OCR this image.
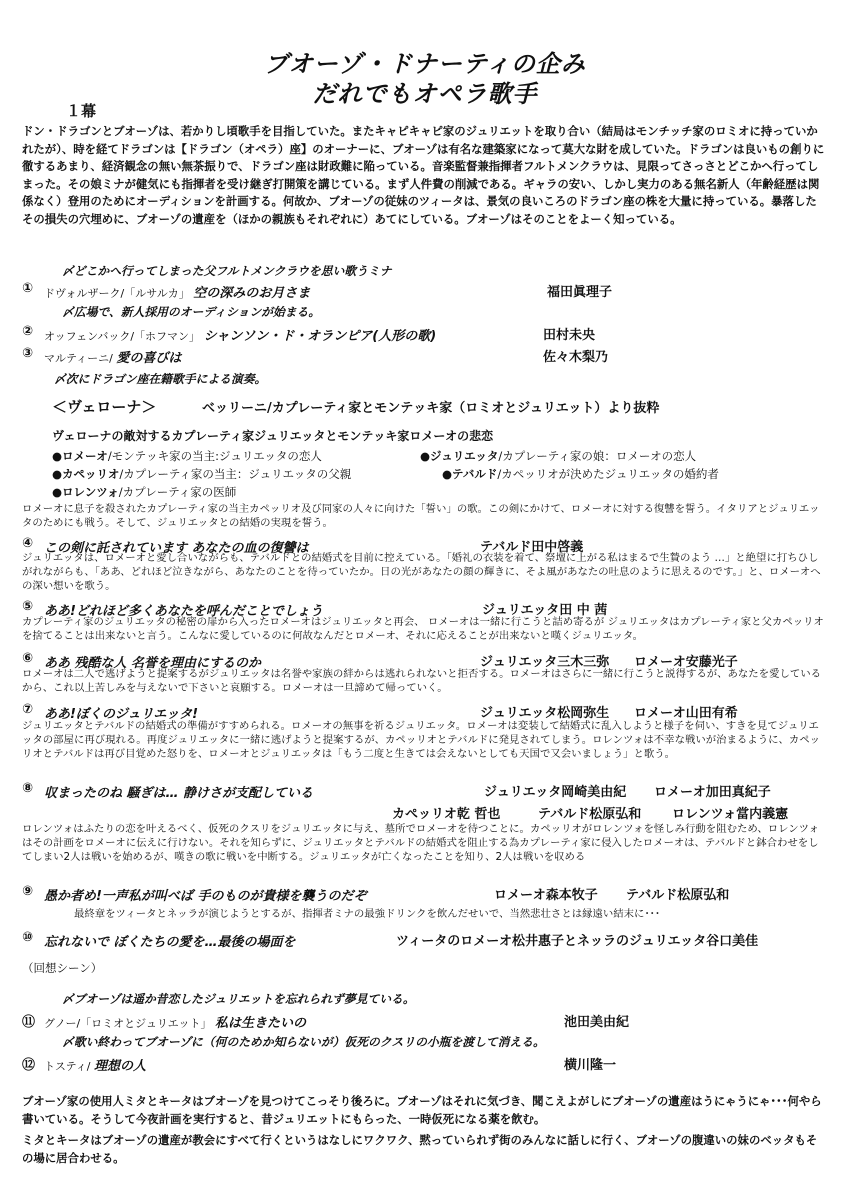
ブオーゾ・ドナーティの企み
だれでもオペラ歌手
１幕
ドン・ドラゴンとブオーゾは、若かりし頃歌手を目指していた。またキャピキャピ家のジュリエットを取り合い（結局はモンチッチ家のロミオに持っていかれたが）、時を経てドラゴンは【ドラゴン（オペラ）座】のオーナーに、ブオーゾは有名な建築家になって莫大な財を成していた。ドラゴンは良いもの創りに徹するあまり、経済観念の無い無茶振りで、ドラゴン座は財政難に陥っている。音楽監督兼指揮者フルトメンクラウは、見限ってさっさとどこかへ行ってしまった。その娘ミナが健気にも指揮者を受け継ぎ打開策を講じている。まず人件費の削減である。ギャラの安い、しかし実力のある無名新人（年齢経歴は関係なく）登用のためにオーディションを計画する。何故か、ブオーゾの従妹のツィータは、景気の良いころのドラゴン座の株を大量に持っている。暴落したその損失の穴埋めに、ブオーゾの遺産を（ほかの親族もそれぞれに）あてにしている。ブオーゾはそのことをよーく知っている。
〆どこかへ行ってしまった父フルトメンクラウを思い歌うミナ
① ドヴォルザーク/「ルサルカ」 空の深みのお月さま	福田眞理子
〆広場で、新人採用のオーディションが始まる。
② オッフェンバック/「ホフマン」 シャンソン・ド・オランピア(人形の歌)	田村未央
③ マルティーニ/ 愛の喜びは	佐々木梨乃
〆次にドラゴン座在籍歌手による演奏。
＜ヴェローナ＞	ベッリーニ/カプレーティ家とモンテッキ家（ロミオとジュリエット）より抜粋
ヴェローナの敵対するカプレーティ家ジュリエッタとモンテッキ家ロメーオの悲恋
●ロメーオ/モンテッキ家の当主:ジュリエッタの恋人	●ジュリエッタ/カプレーティ家の娘：ロメーオの恋人
●カペッリオ/カプレーティ家の当主：ジュリエッタの父親	●テバルド/カペッリオが決めたジュリエッタの婚約者
●ロレンツォ/カプレーティ家の医師
ロメーオに息子を殺されたカプレーティ家の当主カペッリオ及び同家の人々に向けた「誓い」の歌。この剣にかけて、ロメーオに対する復讐を誓う。イタリアとジュリエッタのためにも戦う。そして、ジュリエッタとの結婚の実現を誓う。
④ この剣に託されています あなたの血の復讐は	テバルド田中啓義
ジュリエッタは、ロメーオと愛し合いながらも、テバルドとの結婚式を目前に控えている。「婚礼の衣装を着て、祭壇に上がる私はまるで生贄のよう …」と絶望に打ちひしがれながらも、「ああ、どれほど泣きながら、あなたのことを待っていたか。日の光があなたの顔の輝きに、そよ風があなたの吐息のように思えるのです。」と、ロメーオへの深い想いを歌う。
⑤ ああ!どれほど多くあなたを呼んだことでしょう	ジュリエッタ田 中 茜
カプレーティ家のジュリエッタの秘密の扉から入ったロメーオはジュリエッタと再会、 ロメーオは一緒に行こうと詰め寄るが ジュリエッタはカプレーティ家と父カペッリオを捨てることは出来ないと言う。こんなに愛しているのに何故なんだとロメーオ、それに応えることが出来ないと嘆くジュリエッタ。
⑥ ああ 残酷な人 名誉を理由にするのか	ジュリエッタ三木三弥 ロメーオ安藤光子
ロメーオは二人で逃げようと提案するがジュリエッタは名誉や家族の絆からは逃れられないと拒否する。ロメーオはさらに一緒に行こうと説得するが、あなたを愛しているから、これ以上苦しみを与えないで下さいと哀願する。ロメーオは一旦諦めて帰っていく。
⑦ ああ!ぼくのジュリエッタ!	ジュリエッタ松岡弥生 ロメーオ山田有希
ジュリエッタとテバルドの結婚式の準備がすすめられる。ロメーオの無事を祈るジュリエッタ。ロメーオは変装して結婚式に乱入しようと様子を伺い、すきを見てジュリエッタの部屋に再び現れる。再度ジュリエッタに一緒に逃げようと提案するが、カペッリオとテバルドに発見されてしまう。ロレンツォは不幸な戦いが治まるように、カペッリオとテバルドは再び目覚めた怒りを、ロメーオとジュリエッタは「もう二度と生きては会えないとしても天国で又会いましょう」と歌う。
⑧ 収まったのね 騒ぎは… 静けさが支配している	ジュリエッタ岡崎美由紀 ロメーオ加田真紀子
カペッリオ乾 哲也	テバルド松原弘和 ロレンツォ當内義憲
ロレンツォはふたりの恋を叶えるべく、仮死のクスリをジュリエッタに与え、墓所でロメーオを待つことに。カペッリオがロレンツォを怪しみ行動を阻むため、ロレンツォはその計画をロメーオに伝えに行けない。それを知らずに、ジュリエッタとテバルドの結婚式を阻止する為カプレーティ家に侵入したロメーオは、テバルドと鉢合わせをしてしまい2人は戦いを始めるが、嘆きの歌に戦いを中断する。ジュリエッタが亡くなったことを知り、2人は戦いを収める
⑨ 愚か者め!一声私が叫べば 手のものが貴様を襲うのだぞ	ロメーオ森本牧子 テバルド松原弘和
最終章をツィータとネッラが演じようとするが、指揮者ミナの最強ドリンクを飲んだせいで、当然悲壮さとは縁遠い結末に･･･
⑩ 忘れないで ぼくたちの愛を…最後の場面を	ツィータのロメーオ松井惠子とネッラのジュリエッタ谷口美佳
（回想シーン）
〆ブオーゾは遥か昔恋したジュリエットを忘れられず夢見ている。
⑪ グノー/「ロミオとジュリエット」 私は生きたいの	池田美由紀
〆歌い終わってブオーゾに（何のためか知らないが）仮死のクスリの小瓶を渡して消える。
⑫ トスティ/ 理想の人	横川隆一
ブオーゾ家の使用人ミタとキータはブオーゾを見つけてこっそり後ろに。ブオーゾはそれに気づき、聞こえよがしにブオーゾの遺産はうにゃうにゃ･･･何やら書いている。そうして今夜計画を実行すると、昔ジュリエットにもらった、一時仮死になる薬を飲む。
ミタとキータはブオーゾの遺産が教会にすべて行くというはなしにワクワク、黙っていられず街のみんなに話しに行く、ブオーゾの腹違いの妹のベッタもその場に居合わせる。
